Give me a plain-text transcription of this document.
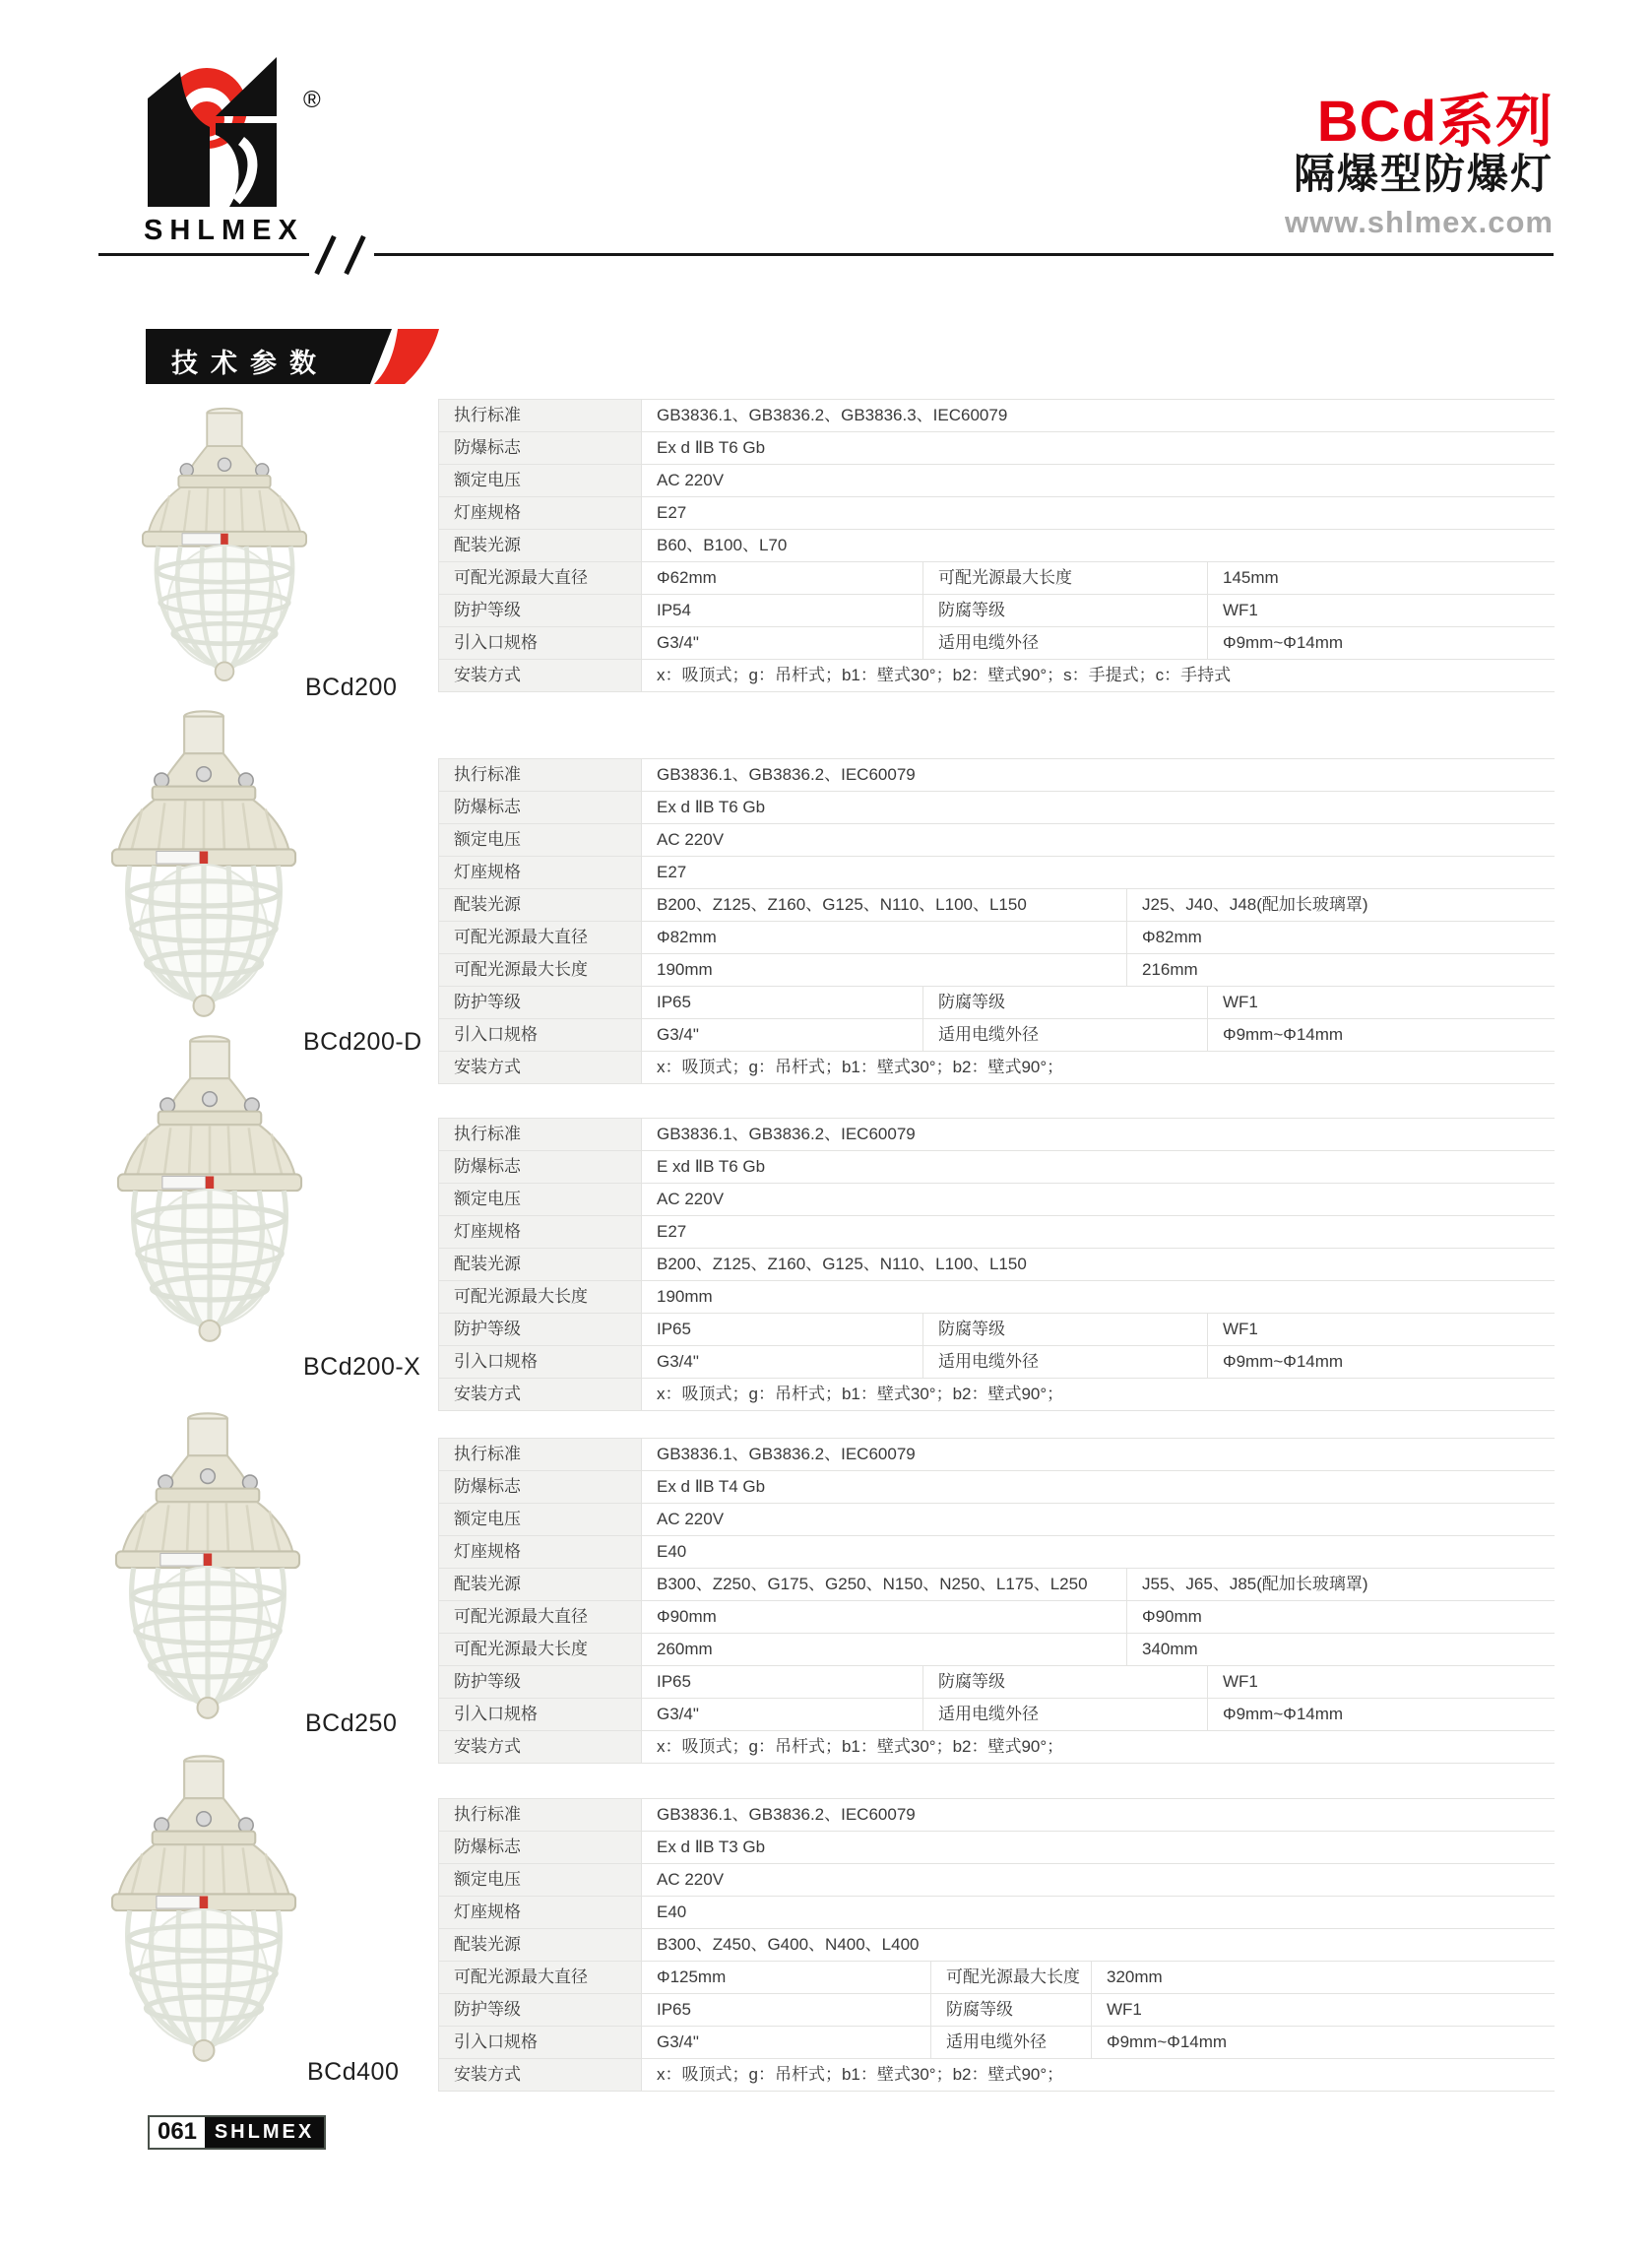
®
SHLMEX
BCd系列
隔爆型防爆灯
www.shlmex.com
技术参数
BCd200
执行标准	GB3836.1、GB3836.2、GB3836.3、IEC60079
防爆标志	Ex d ⅡB T6 Gb
额定电压	AC 220V
灯座规格	E27
配装光源	B60、B100、L70
可配光源最大直径	Φ62mm	可配光源最大长度	145mm
防护等级	IP54	防腐等级	WF1
引入口规格	G3/4"	适用电缆外径	Φ9mm~Φ14mm
安装方式	x：吸顶式；g：吊杆式；b1：壁式30°；b2：壁式90°；s：手提式；c：手持式
BCd200-D
执行标准	GB3836.1、GB3836.2、IEC60079
防爆标志	Ex d ⅡB T6 Gb
额定电压	AC 220V
灯座规格	E27
配装光源	B200、Z125、Z160、G125、N110、L100、L150	J25、J40、J48(配加长玻璃罩)
可配光源最大直径	Φ82mm	Φ82mm
可配光源最大长度	190mm	216mm
防护等级	IP65	防腐等级	WF1
引入口规格	G3/4"	适用电缆外径	Φ9mm~Φ14mm
安装方式	x：吸顶式；g：吊杆式；b1：壁式30°；b2：壁式90°；
BCd200-X
执行标准	GB3836.1、GB3836.2、IEC60079
防爆标志	E xd ⅡB T6 Gb
额定电压	AC 220V
灯座规格	E27
配装光源	B200、Z125、Z160、G125、N110、L100、L150
可配光源最大长度	190mm
防护等级	IP65	防腐等级	WF1
引入口规格	G3/4"	适用电缆外径	Φ9mm~Φ14mm
安装方式	x：吸顶式；g：吊杆式；b1：壁式30°；b2：壁式90°；
BCd250
执行标准	GB3836.1、GB3836.2、IEC60079
防爆标志	Ex d ⅡB T4 Gb
额定电压	AC 220V
灯座规格	E40
配装光源	B300、Z250、G175、G250、N150、N250、L175、L250	J55、J65、J85(配加长玻璃罩)
可配光源最大直径	Φ90mm	Φ90mm
可配光源最大长度	260mm	340mm
防护等级	IP65	防腐等级	WF1
引入口规格	G3/4"	适用电缆外径	Φ9mm~Φ14mm
安装方式	x：吸顶式；g：吊杆式；b1：壁式30°；b2：壁式90°；
BCd400
执行标准	GB3836.1、GB3836.2、IEC60079
防爆标志	Ex d ⅡB T3 Gb
额定电压	AC 220V
灯座规格	E40
配装光源	B300、Z450、G400、N400、L400
可配光源最大直径	Φ125mm	可配光源最大长度	320mm
防护等级	IP65	防腐等级	WF1
引入口规格	G3/4"	适用电缆外径	Φ9mm~Φ14mm
安装方式	x：吸顶式；g：吊杆式；b1：壁式30°；b2：壁式90°；
061 SHLMEX
